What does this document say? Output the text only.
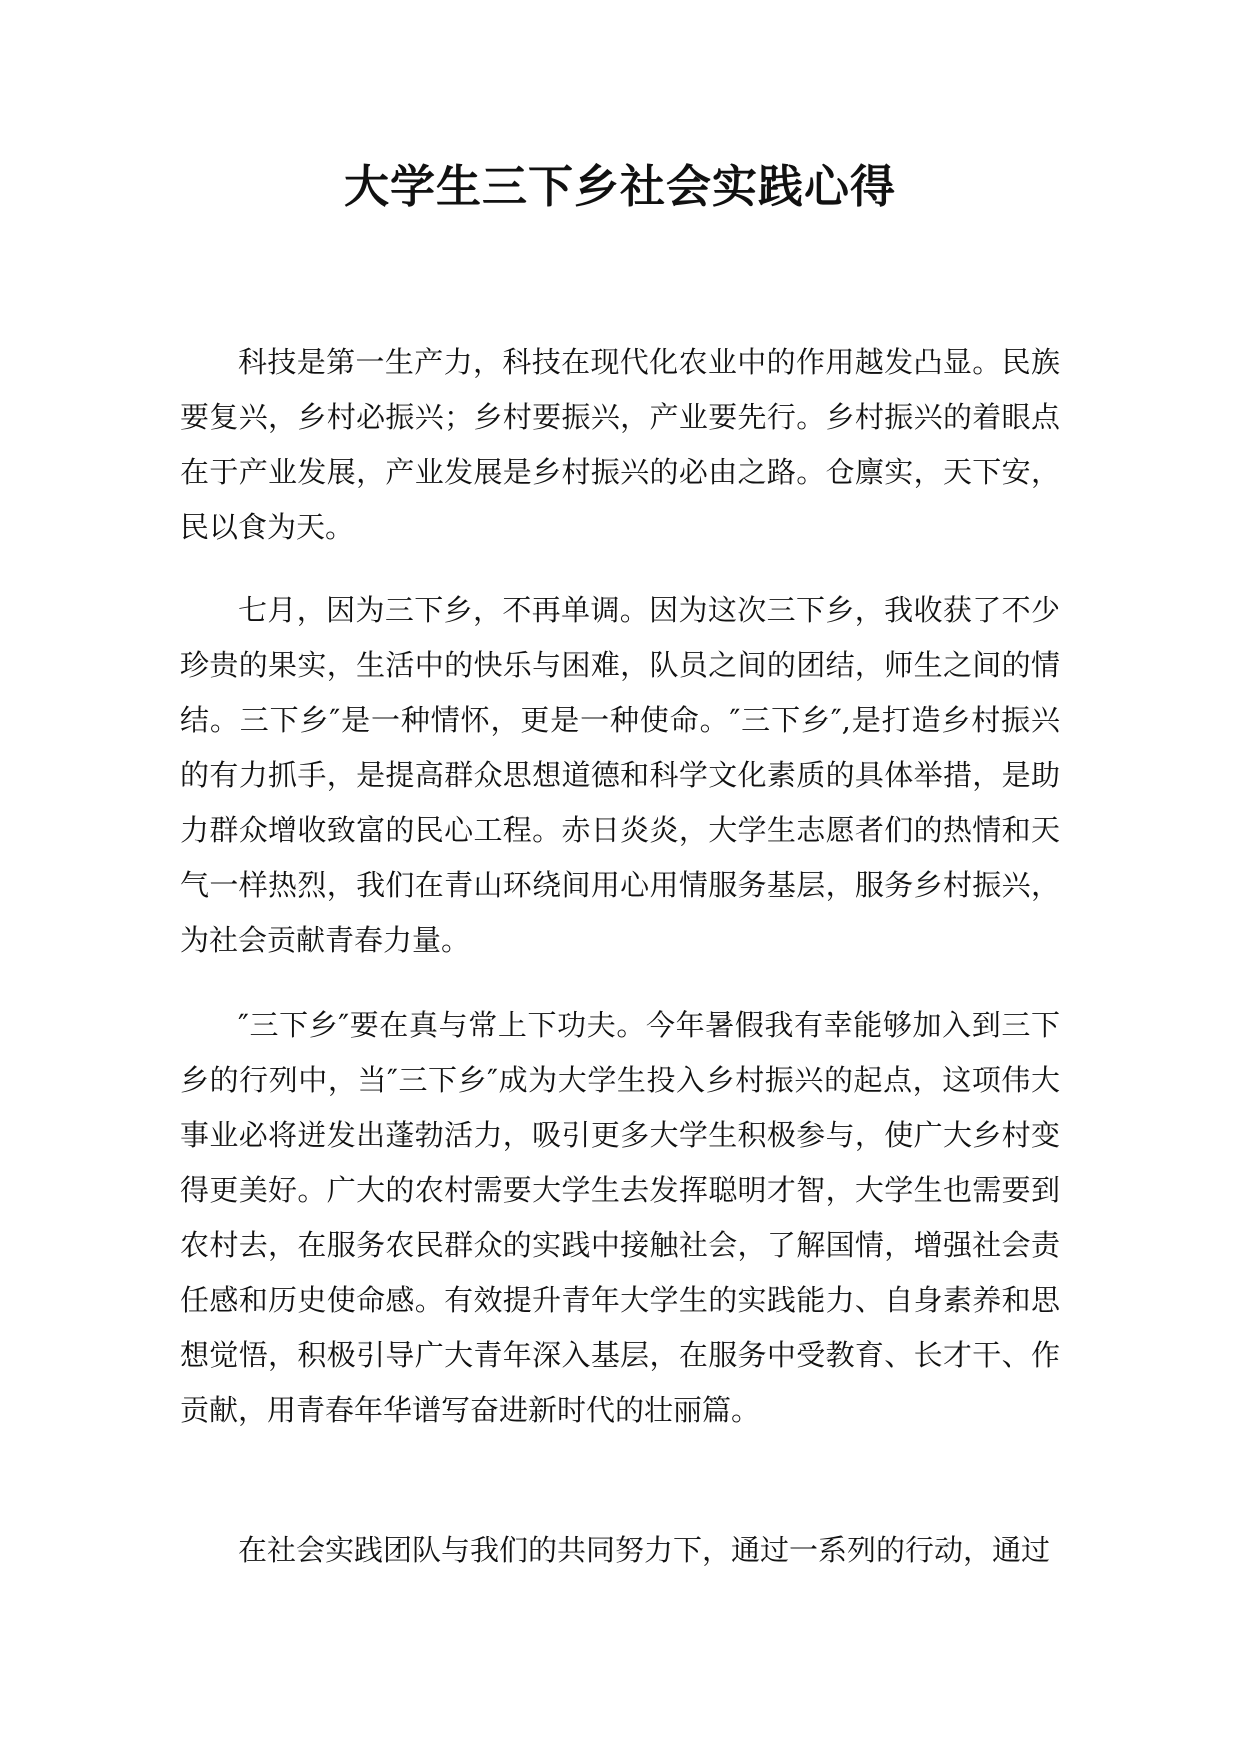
大学生三下乡社会实践心得

科技是第一生产力，科技在现代化农业中的作用越发凸显。民族要复兴，乡村必振兴；乡村要振兴，产业要先行。乡村振兴的着眼点在于产业发展，产业发展是乡村振兴的必由之路。仓廪实，天下安，民以食为天。

七月，因为三下乡，不再单调。因为这次三下乡，我收获了不少珍贵的果实，生活中的快乐与困难，队员之间的团结，师生之间的情结。三下乡″是一种情怀，更是一种使命。″三下乡″,是打造乡村振兴的有力抓手，是提高群众思想道德和科学文化素质的具体举措，是助力群众增收致富的民心工程。赤日炎炎，大学生志愿者们的热情和天气一样热烈，我们在青山环绕间用心用情服务基层，服务乡村振兴，为社会贡献青春力量。

″三下乡″要在真与常上下功夫。今年暑假我有幸能够加入到三下乡的行列中，当″三下乡″成为大学生投入乡村振兴的起点，这项伟大事业必将迸发出蓬勃活力，吸引更多大学生积极参与，使广大乡村变得更美好。广大的农村需要大学生去发挥聪明才智，大学生也需要到农村去，在服务农民群众的实践中接触社会，了解国情，增强社会责任感和历史使命感。有效提升青年大学生的实践能力、自身素养和思想觉悟，积极引导广大青年深入基层，在服务中受教育、长才干、作贡献，用青春年华谱写奋进新时代的壮丽篇。

在社会实践团队与我们的共同努力下，通过一系列的行动，通过
